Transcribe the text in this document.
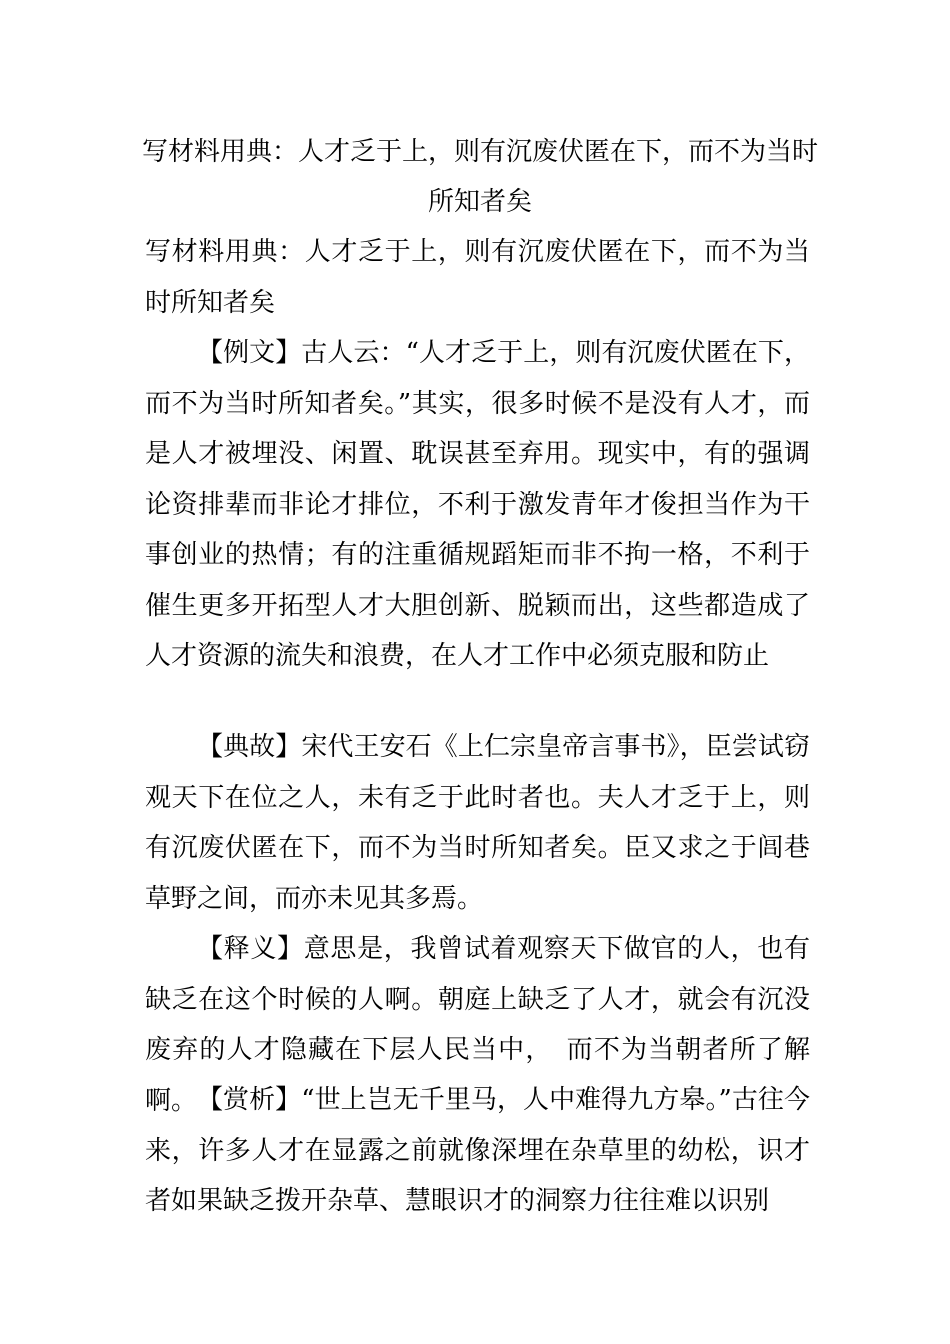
写材料用典：人才乏于上，则有沉废伏匿在下，而不为当时所知者矣

写材料用典：人才乏于上，则有沉废伏匿在下，而不为当时所知者矣

【例文】古人云：“人才乏于上，则有沉废伏匿在下，而不为当时所知者矣。”其实，很多时候不是没有人才，而是人才被埋没、闲置、耽误甚至弃用。现实中，有的强调论资排辈而非论才排位，不利于激发青年才俊担当作为干事创业的热情；有的注重循规蹈矩而非不拘一格，不利于催生更多开拓型人才大胆创新、脱颖而出，这些都造成了人才资源的流失和浪费，在人才工作中必须克服和防止

【典故】宋代王安石《上仁宗皇帝言事书》，臣尝试窃观天下在位之人，未有乏于此时者也。夫人才乏于上，则有沉废伏匿在下，而不为当时所知者矣。臣又求之于闾巷草野之间，而亦未见其多焉。

【释义】意思是，我曾试着观察天下做官的人，也有缺乏在这个时候的人啊。朝庭上缺乏了人才，就会有沉没废弃的人才隐藏在下层人民当中，　而不为当朝者所了解啊。 【赏析】“世上岂无千里马，人中难得九方皋。”古往今来，许多人才在显露之前就像深埋在杂草里的幼松，识才者如果缺乏拨开杂草、慧眼识才的洞察力往往难以识别
